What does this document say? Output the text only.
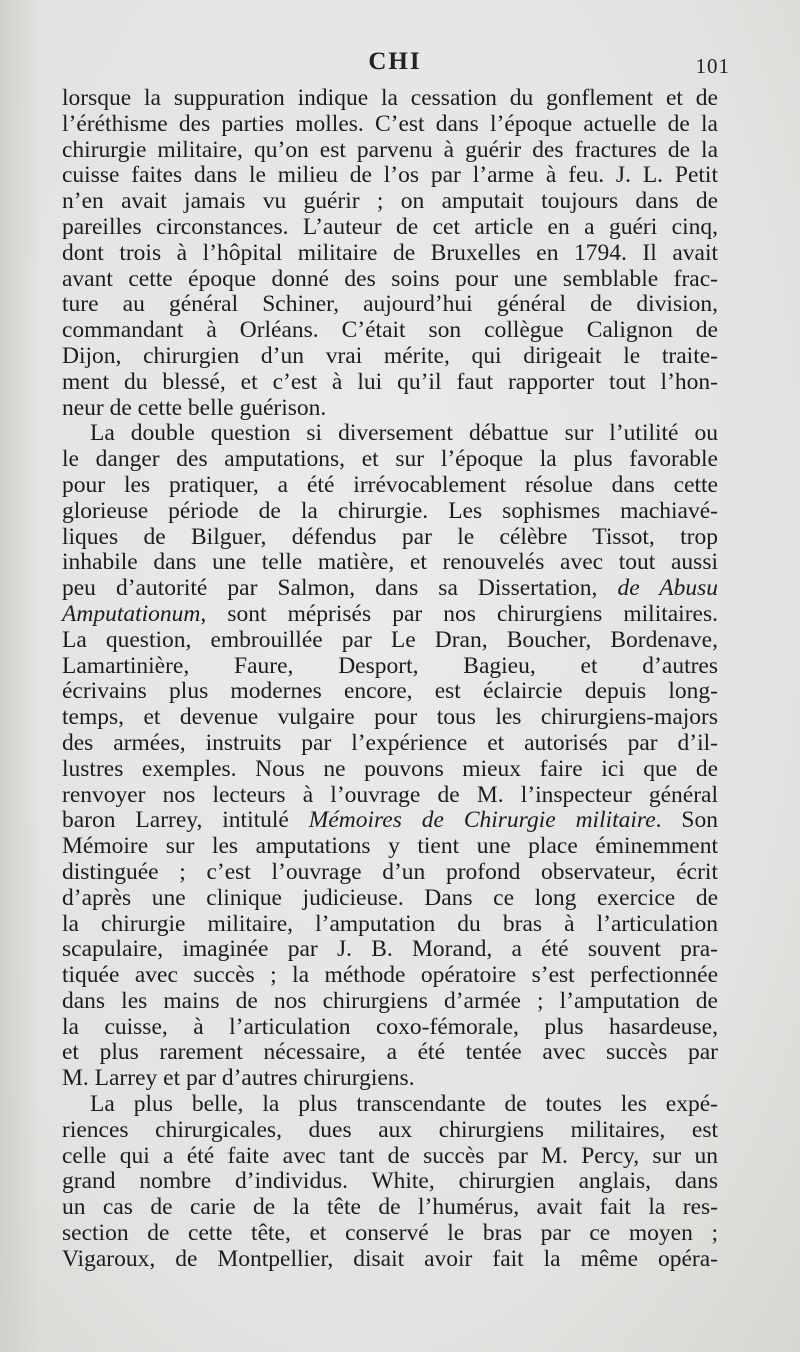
CHI	101
lorsque la suppuration indique la cessation du gonflement et de
l’éréthisme des parties molles. C’est dans l’époque actuelle de la
chirurgie militaire, qu’on est parvenu à guérir des fractures de la
cuisse faites dans le milieu de l’os par l’arme à feu. J. L. Petit
n’en avait jamais vu guérir ; on amputait toujours dans de
pareilles circonstances. L’auteur de cet article en a guéri cinq,
dont trois à l’hôpital militaire de Bruxelles en 1794. Il avait
avant cette époque donné des soins pour une semblable frac-
ture au général Schiner, aujourd’hui général de division,
commandant à Orléans. C’était son collègue Calignon de
Dijon, chirurgien d’un vrai mérite, qui dirigeait le traite-
ment du blessé, et c’est à lui qu’il faut rapporter tout l’hon-
neur de cette belle guérison.
La double question si diversement débattue sur l’utilité ou
le danger des amputations, et sur l’époque la plus favorable
pour les pratiquer, a été irrévocablement résolue dans cette
glorieuse période de la chirurgie. Les sophismes machiavé-
liques de Bilguer, défendus par le célèbre Tissot, trop
inhabile dans une telle matière, et renouvelés avec tout aussi
peu d’autorité par Salmon, dans sa Dissertation, de Abusu
Amputationum, sont méprisés par nos chirurgiens militaires.
La question, embrouillée par Le Dran, Boucher, Bordenave,
Lamartinière, Faure, Desport, Bagieu, et d’autres
écrivains plus modernes encore, est éclaircie depuis long-
temps, et devenue vulgaire pour tous les chirurgiens-majors
des armées, instruits par l’expérience et autorisés par d’il-
lustres exemples. Nous ne pouvons mieux faire ici que de
renvoyer nos lecteurs à l’ouvrage de M. l’inspecteur général
baron Larrey, intitulé Mémoires de Chirurgie militaire. Son
Mémoire sur les amputations y tient une place éminemment
distinguée ; c’est l’ouvrage d’un profond observateur, écrit
d’après une clinique judicieuse. Dans ce long exercice de
la chirurgie militaire, l’amputation du bras à l’articulation
scapulaire, imaginée par J. B. Morand, a été souvent pra-
tiquée avec succès ; la méthode opératoire s’est perfectionnée
dans les mains de nos chirurgiens d’armée ; l’amputation de
la cuisse, à l’articulation coxo-fémorale, plus hasardeuse,
et plus rarement nécessaire, a été tentée avec succès par
M. Larrey et par d’autres chirurgiens.
La plus belle, la plus transcendante de toutes les expé-
riences chirurgicales, dues aux chirurgiens militaires, est
celle qui a été faite avec tant de succès par M. Percy, sur un
grand nombre d’individus. White, chirurgien anglais, dans
un cas de carie de la tête de l’humérus, avait fait la res-
section de cette tête, et conservé le bras par ce moyen ;
Vigaroux, de Montpellier, disait avoir fait la même opéra-
